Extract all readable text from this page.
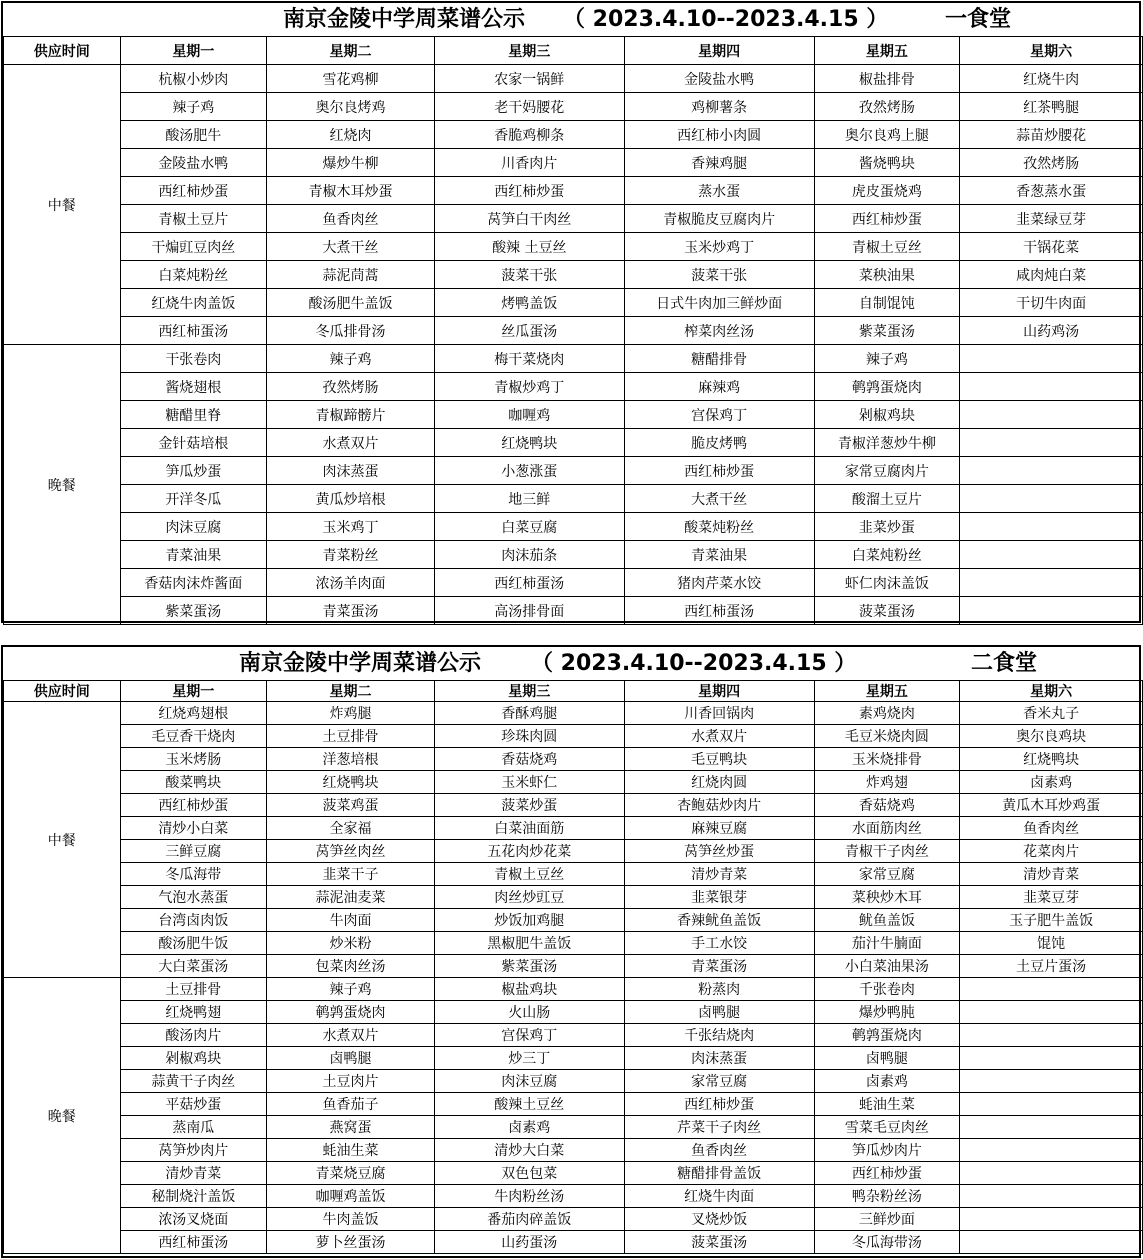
南京金陵中学周菜谱公示 （ 2023.4.10--2023.4.15 ）	一食堂
供应时间	星期一	星期二	星期三	星期四	星期五	星期六
中餐	杭椒小炒肉	雪花鸡柳	农家一锅鲜	金陵盐水鸭	椒盐排骨	红烧牛肉
	辣子鸡	奥尔良烤鸡	老干妈腰花	鸡柳薯条	孜然烤肠	红茶鸭腿
	酸汤肥牛	红烧肉	香脆鸡柳条	西红柿小肉圆	奥尔良鸡上腿	蒜苗炒腰花
	金陵盐水鸭	爆炒牛柳	川香肉片	香辣鸡腿	酱烧鸭块	孜然烤肠
	西红柿炒蛋	青椒木耳炒蛋	西红柿炒蛋	蒸水蛋	虎皮蛋烧鸡	香葱蒸水蛋
	青椒土豆片	鱼香肉丝	莴笋白干肉丝	青椒脆皮豆腐肉片	西红柿炒蛋	韭菜绿豆芽
	干煸豇豆肉丝	大煮干丝	酸辣 土豆丝	玉米炒鸡丁	青椒土豆丝	干锅花菜
	白菜炖粉丝	蒜泥茼蒿	菠菜干张	菠菜干张	菜秧油果	咸肉炖白菜
	红烧牛肉盖饭	酸汤肥牛盖饭	烤鸭盖饭	日式牛肉加三鲜炒面	自制馄饨	干切牛肉面
	西红柿蛋汤	冬瓜排骨汤	丝瓜蛋汤	榨菜肉丝汤	紫菜蛋汤	山药鸡汤
晚餐	干张卷肉	辣子鸡	梅干菜烧肉	糖醋排骨	辣子鸡	
	酱烧翅根	孜然烤肠	青椒炒鸡丁	麻辣鸡	鹌鹑蛋烧肉	
	糖醋里脊	青椒蹄髈片	咖喱鸡	宫保鸡丁	剁椒鸡块	
	金针菇培根	水煮双片	红烧鸭块	脆皮烤鸭	青椒洋葱炒牛柳	
	笋瓜炒蛋	肉沫蒸蛋	小葱涨蛋	西红柿炒蛋	家常豆腐肉片	
	开洋冬瓜	黄瓜炒培根	地三鲜	大煮干丝	酸溜土豆片	
	肉沫豆腐	玉米鸡丁	白菜豆腐	酸菜炖粉丝	韭菜炒蛋	
	青菜油果	青菜粉丝	肉沫茄条	青菜油果	白菜炖粉丝	
	香菇肉沫炸酱面	浓汤羊肉面	西红柿蛋汤	猪肉芹菜水饺	虾仁肉沫盖饭	
	紫菜蛋汤	青菜蛋汤	高汤排骨面	西红柿蛋汤	菠菜蛋汤	
南京金陵中学周菜谱公示 （ 2023.4.10--2023.4.15 ）	二食堂
供应时间	星期一	星期二	星期三	星期四	星期五	星期六
中餐	红烧鸡翅根	炸鸡腿	香酥鸡腿	川香回锅肉	素鸡烧肉	香米丸子
	毛豆香干烧肉	土豆排骨	珍珠肉圆	水煮双片	毛豆米烧肉圆	奥尔良鸡块
	玉米烤肠	洋葱培根	香菇烧鸡	毛豆鸭块	玉米烧排骨	红烧鸭块
	酸菜鸭块	红烧鸭块	玉米虾仁	红烧肉圆	炸鸡翅	卤素鸡
	西红柿炒蛋	菠菜鸡蛋	菠菜炒蛋	杏鲍菇炒肉片	香菇烧鸡	黄瓜木耳炒鸡蛋
	清炒小白菜	全家福	白菜油面筋	麻辣豆腐	水面筋肉丝	鱼香肉丝
	三鲜豆腐	莴笋丝肉丝	五花肉炒花菜	莴笋丝炒蛋	青椒干子肉丝	花菜肉片
	冬瓜海带	韭菜干子	青椒土豆丝	清炒青菜	家常豆腐	清炒青菜
	气泡水蒸蛋	蒜泥油麦菜	肉丝炒豇豆	韭菜银芽	菜秧炒木耳	韭菜豆芽
	台湾卤肉饭	牛肉面	炒饭加鸡腿	香辣鱿鱼盖饭	鱿鱼盖饭	玉子肥牛盖饭
	酸汤肥牛饭	炒米粉	黑椒肥牛盖饭	手工水饺	茄汁牛腩面	馄饨
	大白菜蛋汤	包菜肉丝汤	紫菜蛋汤	青菜蛋汤	小白菜油果汤	土豆片蛋汤
晚餐	土豆排骨	辣子鸡	椒盐鸡块	粉蒸肉	千张卷肉	
	红烧鸭翅	鹌鹑蛋烧肉	火山肠	卤鸭腿	爆炒鸭肫	
	酸汤肉片	水煮双片	宫保鸡丁	千张结烧肉	鹌鹑蛋烧肉	
	剁椒鸡块	卤鸭腿	炒三丁	肉沫蒸蛋	卤鸭腿	
	蒜黄干子肉丝	土豆肉片	肉沫豆腐	家常豆腐	卤素鸡	
	平菇炒蛋	鱼香茄子	酸辣土豆丝	西红柿炒蛋	蚝油生菜	
	蒸南瓜	燕窝蛋	卤素鸡	芹菜干子肉丝	雪菜毛豆肉丝	
	莴笋炒肉片	蚝油生菜	清炒大白菜	鱼香肉丝	笋瓜炒肉片	
	清炒青菜	青菜烧豆腐	双色包菜	糖醋排骨盖饭	西红柿炒蛋	
	秘制烧汁盖饭	咖喱鸡盖饭	牛肉粉丝汤	红烧牛肉面	鸭杂粉丝汤	
	浓汤叉烧面	牛肉盖饭	番茄肉碎盖饭	叉烧炒饭	三鲜炒面	
	西红柿蛋汤	萝卜丝蛋汤	山药蛋汤	菠菜蛋汤	冬瓜海带汤	
